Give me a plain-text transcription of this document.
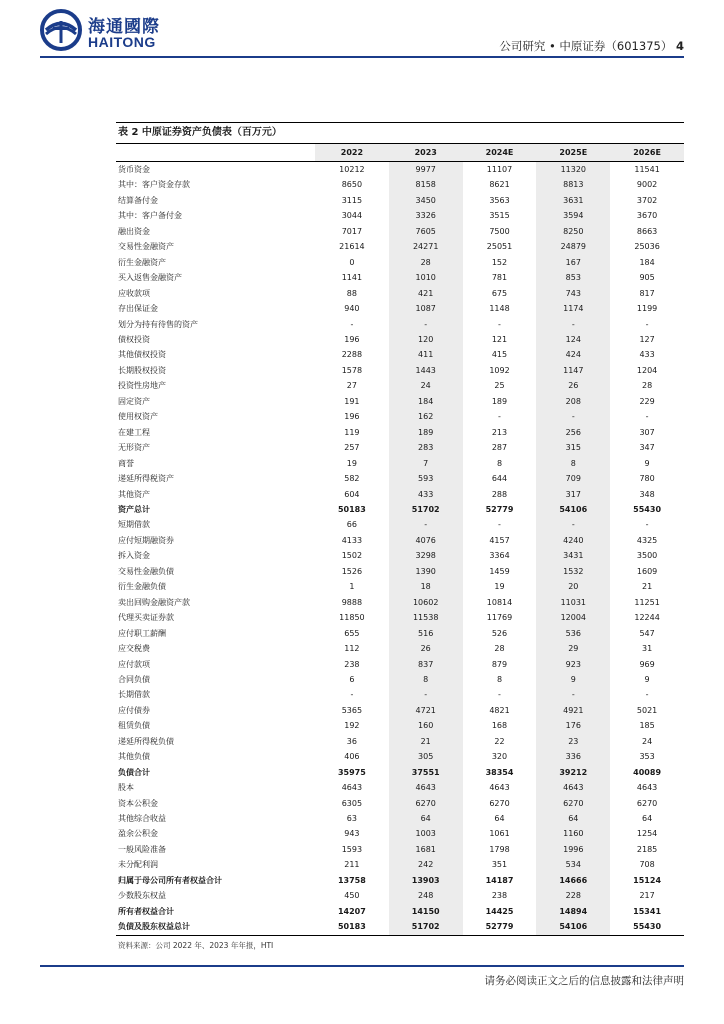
海通國際
HAITONG	公司研究 • 中原证券（601375） 4
表 2 中原证券资产负债表（百万元）
	2022	2023	2024E	2025E	2026E
货币资金	10212	9977	11107	11320	11541
其中：客户资金存款	8650	8158	8621	8813	9002
结算备付金	3115	3450	3563	3631	3702
其中：客户备付金	3044	3326	3515	3594	3670
融出资金	7017	7605	7500	8250	8663
交易性金融资产	21614	24271	25051	24879	25036
衍生金融资产	0	28	152	167	184
买入返售金融资产	1141	1010	781	853	905
应收款项	88	421	675	743	817
存出保证金	940	1087	1148	1174	1199
划分为持有待售的资产	-	-	-	-	-
债权投资	196	120	121	124	127
其他债权投资	2288	411	415	424	433
长期股权投资	1578	1443	1092	1147	1204
投资性房地产	27	24	25	26	28
固定资产	191	184	189	208	229
使用权资产	196	162	-	-	-
在建工程	119	189	213	256	307
无形资产	257	283	287	315	347
商誉	19	7	8	8	9
递延所得税资产	582	593	644	709	780
其他资产	604	433	288	317	348
资产总计	50183	51702	52779	54106	55430
短期借款	66	-	-	-	-
应付短期融资券	4133	4076	4157	4240	4325
拆入资金	1502	3298	3364	3431	3500
交易性金融负债	1526	1390	1459	1532	1609
衍生金融负债	1	18	19	20	21
卖出回购金融资产款	9888	10602	10814	11031	11251
代理买卖证券款	11850	11538	11769	12004	12244
应付职工薪酬	655	516	526	536	547
应交税费	112	26	28	29	31
应付款项	238	837	879	923	969
合同负债	6	8	8	9	9
长期借款	-	-	-	-	-
应付债券	5365	4721	4821	4921	5021
租赁负债	192	160	168	176	185
递延所得税负债	36	21	22	23	24
其他负债	406	305	320	336	353
负债合计	35975	37551	38354	39212	40089
股本	4643	4643	4643	4643	4643
资本公积金	6305	6270	6270	6270	6270
其他综合收益	63	64	64	64	64
盈余公积金	943	1003	1061	1160	1254
一般风险准备	1593	1681	1798	1996	2185
未分配利润	211	242	351	534	708
归属于母公司所有者权益合计	13758	13903	14187	14666	15124
少数股东权益	450	248	238	228	217
所有者权益合计	14207	14150	14425	14894	15341
负债及股东权益总计	50183	51702	52779	54106	55430
资料来源：公司 2022 年、2023 年年报，HTI
请务必阅读正文之后的信息披露和法律声明
